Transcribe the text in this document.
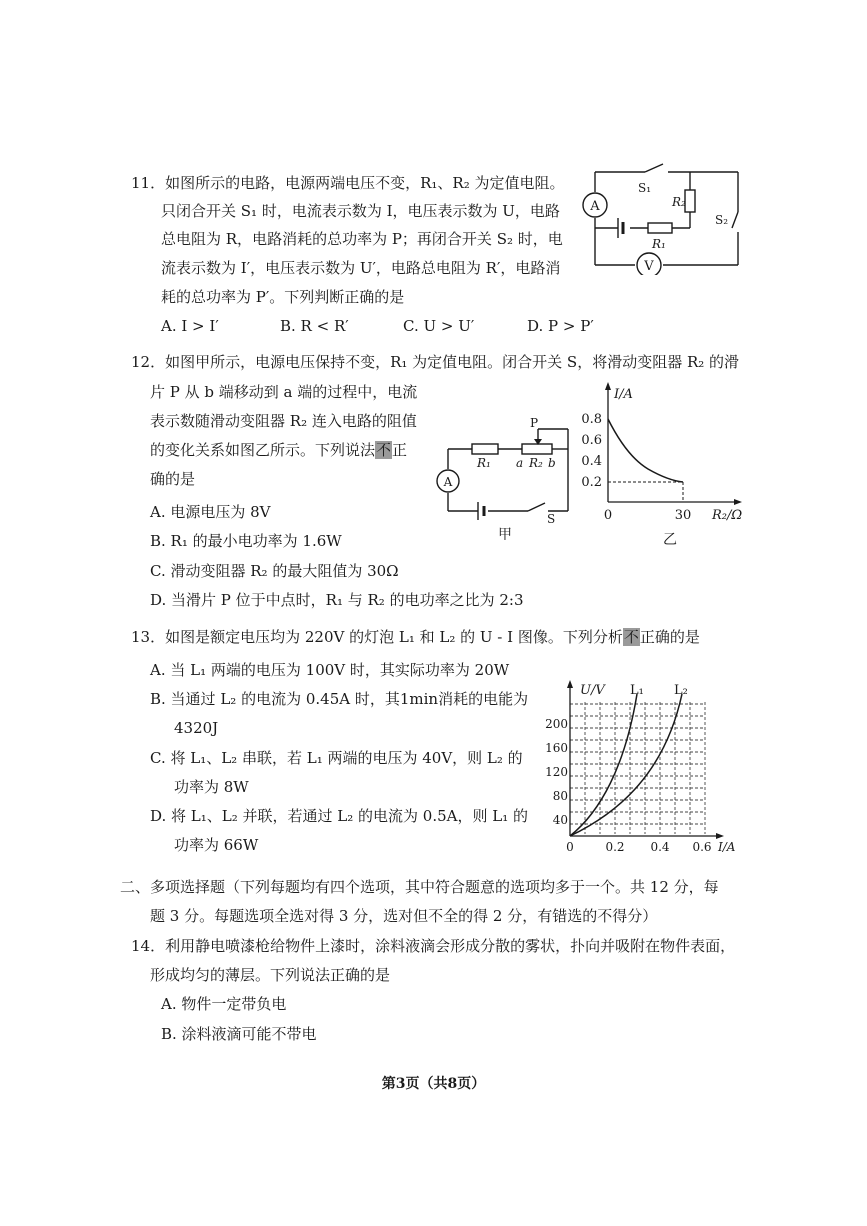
11．如图所示的电路，电源两端电压不变，R₁、R₂ 为定值电阻。
只闭合开关 S₁ 时，电流表示数为 I，电压表示数为 U，电路
总电阻为 R，电路消耗的总功率为 P；再闭合开关 S₂ 时，电
流表示数为 I′，电压表示数为 U′，电路总电阻为 R′，电路消
耗的总功率为 P′。下列判断正确的是
A. I > I′	B. R < R′	C. U > U′	D. P > P′
A
V
S₁
R₂
S₂
R₁
12．如图甲所示，电源电压保持不变，R₁ 为定值电阻。闭合开关 S，将滑动变阻器 R₂ 的滑
片 P 从 b 端移动到 a 端的过程中，电流
表示数随滑动变阻器 R₂ 连入电路的阻值
的变化关系如图乙所示。下列说法不正
确的是
A. 电源电压为 8V
B. R₁ 的最小电功率为 1.6W
C. 滑动变阻器 R₂ 的最大阻值为 30Ω
D. 当滑片 P 位于中点时，R₁ 与 R₂ 的电功率之比为 2:3
A
P
R₁ a R₂ b
S
甲
I/A
0.8
0.6
0.4
0.2
0	30 R₂/Ω
乙
13．如图是额定电压均为 220V 的灯泡 L₁ 和 L₂ 的 U - I 图像。下列分析不正确的是
A. 当 L₁ 两端的电压为 100V 时，其实际功率为 20W
B. 当通过 L₂ 的电流为 0.45A 时，其1min消耗的电能为
4320J
C. 将 L₁、L₂ 串联，若 L₁ 两端的电压为 40V，则 L₂ 的
功率为 8W
D. 将 L₁、L₂ 并联，若通过 L₂ 的电流为 0.5A，则 L₁ 的
功率为 66W
U/V L₁ L₂
200
160
120
80
40
0	0.2 0.4 0.6 I/A
二、多项选择题（下列每题均有四个选项，其中符合题意的选项均多于一个。共 12 分，每
题 3 分。每题选项全选对得 3 分，选对但不全的得 2 分，有错选的不得分）
14．利用静电喷漆枪给物件上漆时，涂料液滴会形成分散的雾状，扑向并吸附在物件表面，
形成均匀的薄层。下列说法正确的是
A. 物件一定带负电
B. 涂料液滴可能不带电
第3页（共8页）
